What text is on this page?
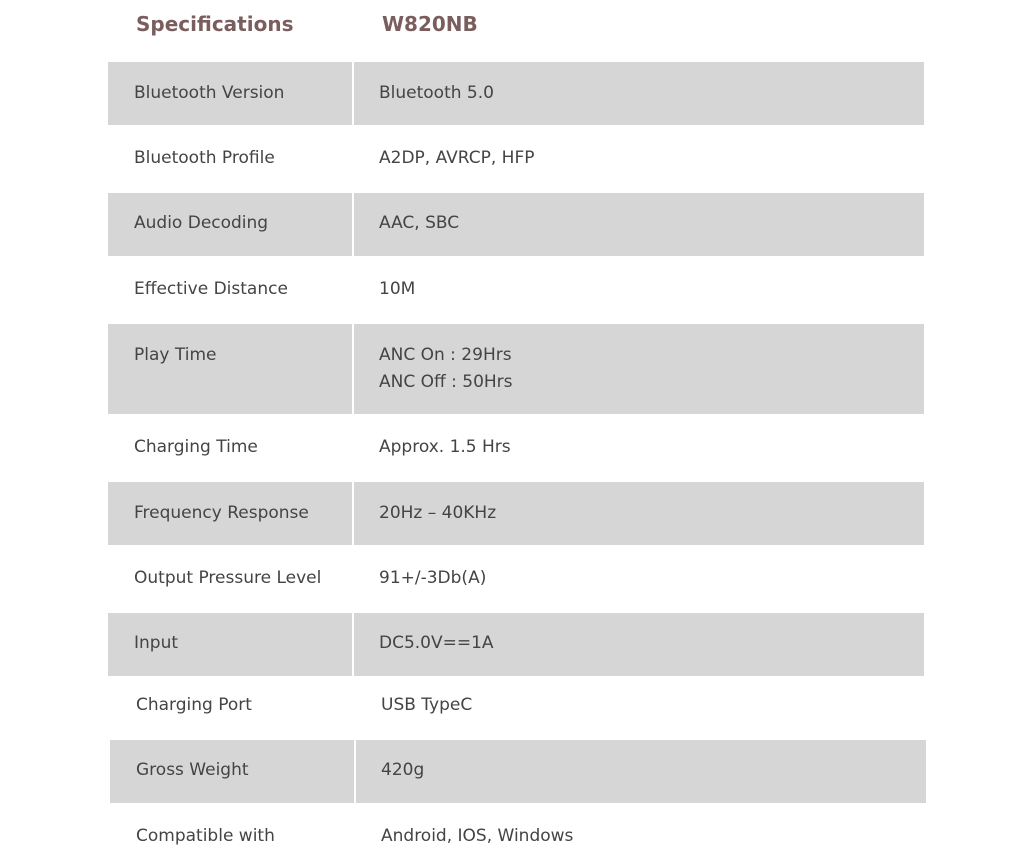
Specifications	W820NB
Bluetooth Version	Bluetooth 5.0
Bluetooth Profile	A2DP, AVRCP, HFP
Audio Decoding	AAC, SBC
Effective Distance	10M
Play Time	ANC On : 29Hrs
ANC Off : 50Hrs
Charging Time	Approx. 1.5 Hrs
Frequency Response	20Hz – 40KHz
Output Pressure Level	91+/-3Db(A)
Input	DC5.0V==1A
Charging Port	USB TypeC
Gross Weight	420g
Compatible with	Android, IOS, Windows
